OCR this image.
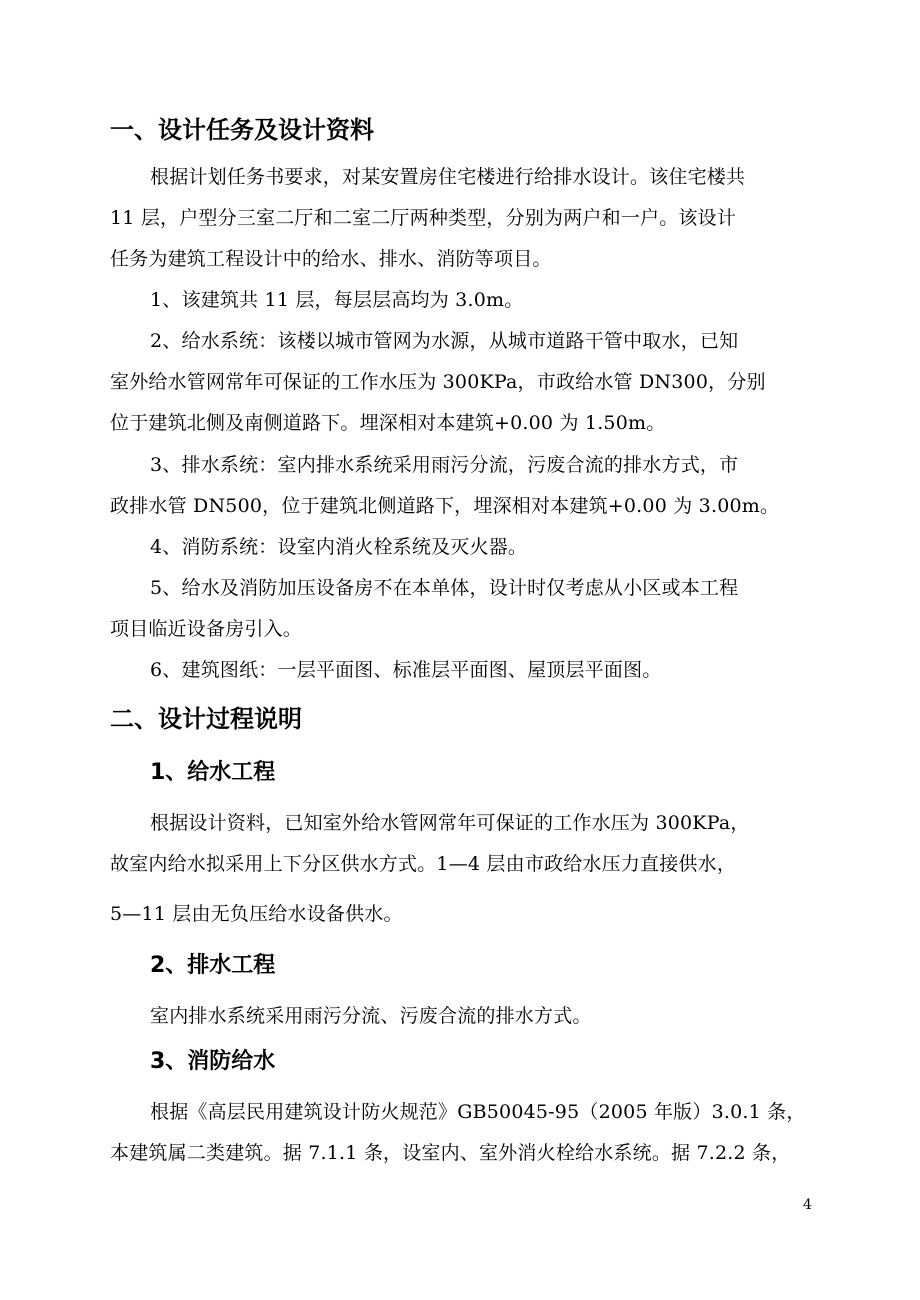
一、设计任务及设计资料
根据计划任务书要求，对某安置房住宅楼进行给排水设计。该住宅楼共
11 层，户型分三室二厅和二室二厅两种类型，分别为两户和一户。该设计
任务为建筑工程设计中的给水、排水、消防等项目。
1、该建筑共 11 层，每层层高均为 3.0m。
2、给水系统：该楼以城市管网为水源，从城市道路干管中取水，已知
室外给水管网常年可保证的工作水压为 300KPa，市政给水管 DN300，分别
位于建筑北侧及南侧道路下。埋深相对本建筑+0.00 为 1.50m。
3、排水系统：室内排水系统采用雨污分流，污废合流的排水方式，市
政排水管 DN500，位于建筑北侧道路下，埋深相对本建筑+0.00 为 3.00m。
4、消防系统：设室内消火栓系统及灭火器。
5、给水及消防加压设备房不在本单体，设计时仅考虑从小区或本工程
项目临近设备房引入。
6、建筑图纸：一层平面图、标准层平面图、屋顶层平面图。
二、设计过程说明
1、给水工程
根据设计资料，已知室外给水管网常年可保证的工作水压为 300KPa，
故室内给水拟采用上下分区供水方式。1—4 层由市政给水压力直接供水，
5—11 层由无负压给水设备供水。
2、排水工程
室内排水系统采用雨污分流、污废合流的排水方式。
3、消防给水
根据《高层民用建筑设计防火规范》GB50045-95（2005 年版）3.0.1 条，
本建筑属二类建筑。据 7.1.1 条，设室内、室外消火栓给水系统。据 7.2.2 条，
4
